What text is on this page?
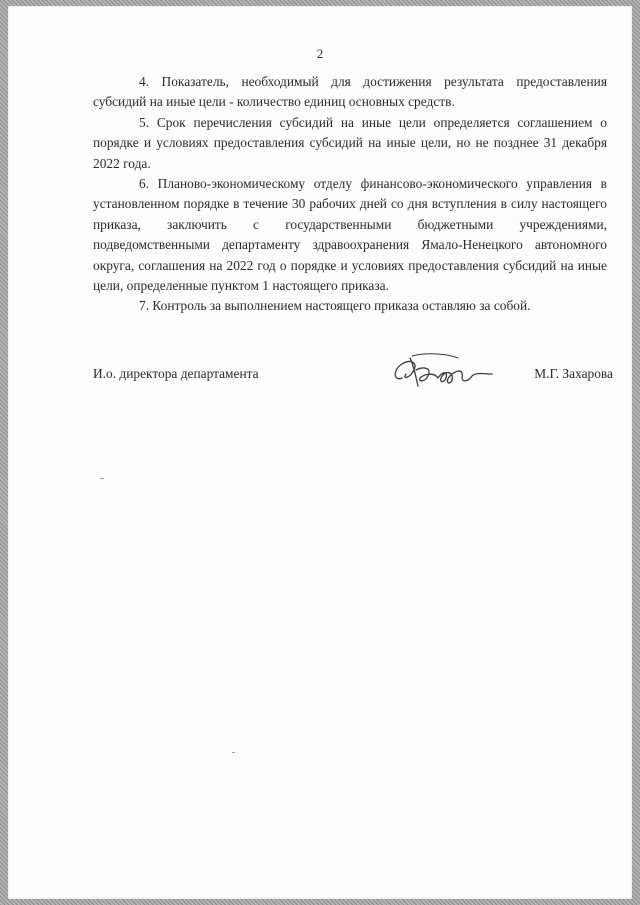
2

4. Показатель, необходимый для достижения результата предоставления субсидий на иные цели - количество единиц основных средств.

5. Срок перечисления субсидий на иные цели определяется соглашением о порядке и условиях предоставления субсидий на иные цели, но не позднее 31 декабря 2022 года.

6. Планово-экономическому отделу финансово-экономического управления в установленном порядке в течение 30 рабочих дней со дня вступления в силу настоящего приказа, заключить с государственными бюджетными учреждениями, подведомственными департаменту здравоохранения Ямало-Ненецкого автономного округа, соглашения на 2022 год о порядке и условиях предоставления субсидий на иные цели, определенные пунктом 1 настоящего приказа.

7. Контроль за выполнением настоящего приказа оставляю за собой.

И.о. директора департамента	М.Г. Захарова
